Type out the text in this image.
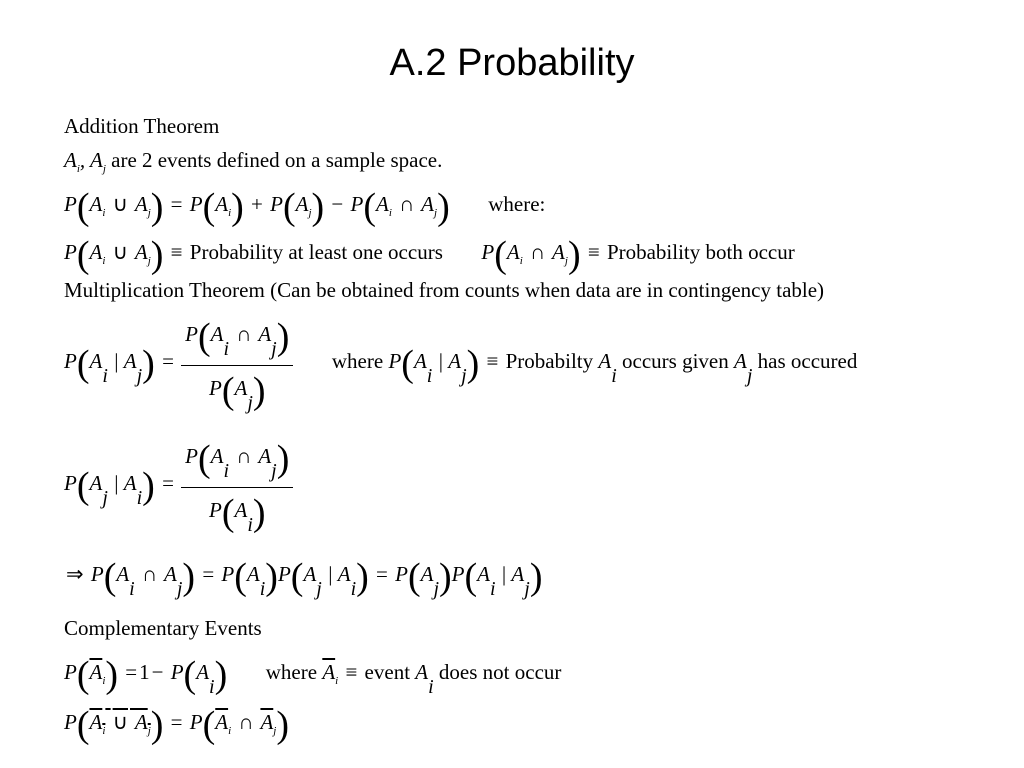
A.2 Probability
Addition Theorem
$A_i$, $A_j$ are 2 events defined on a sample space.
$P(A_i$ ∪ $A_j) = P(A_i) + P(A_j) - P(A_i$ ∩ $A_j$) where:
$P(A_i$ ∪ $A_j$) ≡ Probability at least one occurs $P(A_i$ ∩ $A_j$) ≡ Probability both occur
Multiplication Theorem (Can be obtained from counts when data are in contingency table)
$P(A_i$ | $A_j) = \frac{P(A_i \cap A_j)}{P(A_j)}$ where $P(A_i$ | $A_j$) ≡ Probabilty $A_i$ occurs given $A_j$ has occured
$P(A_j$ | $A_i) = \frac{P(A_i \cap A_j)}{P(A_i)}$
⇒ $P(A_i$ ∩ $A_j) = P(A_i)P(A_j$ | $A_i) = P(A_j)P(A_i$ | $A_j$)
Complementary Events
$P(\overline{A}_i) =1- P(A_i)$ where $\overline{A}_i$ ≡ event $A_i$ does not occur
$P(A_i$ ∪ $A_j) = P(\overline{A}_i$ ∩ $\overline{A}_j$)
